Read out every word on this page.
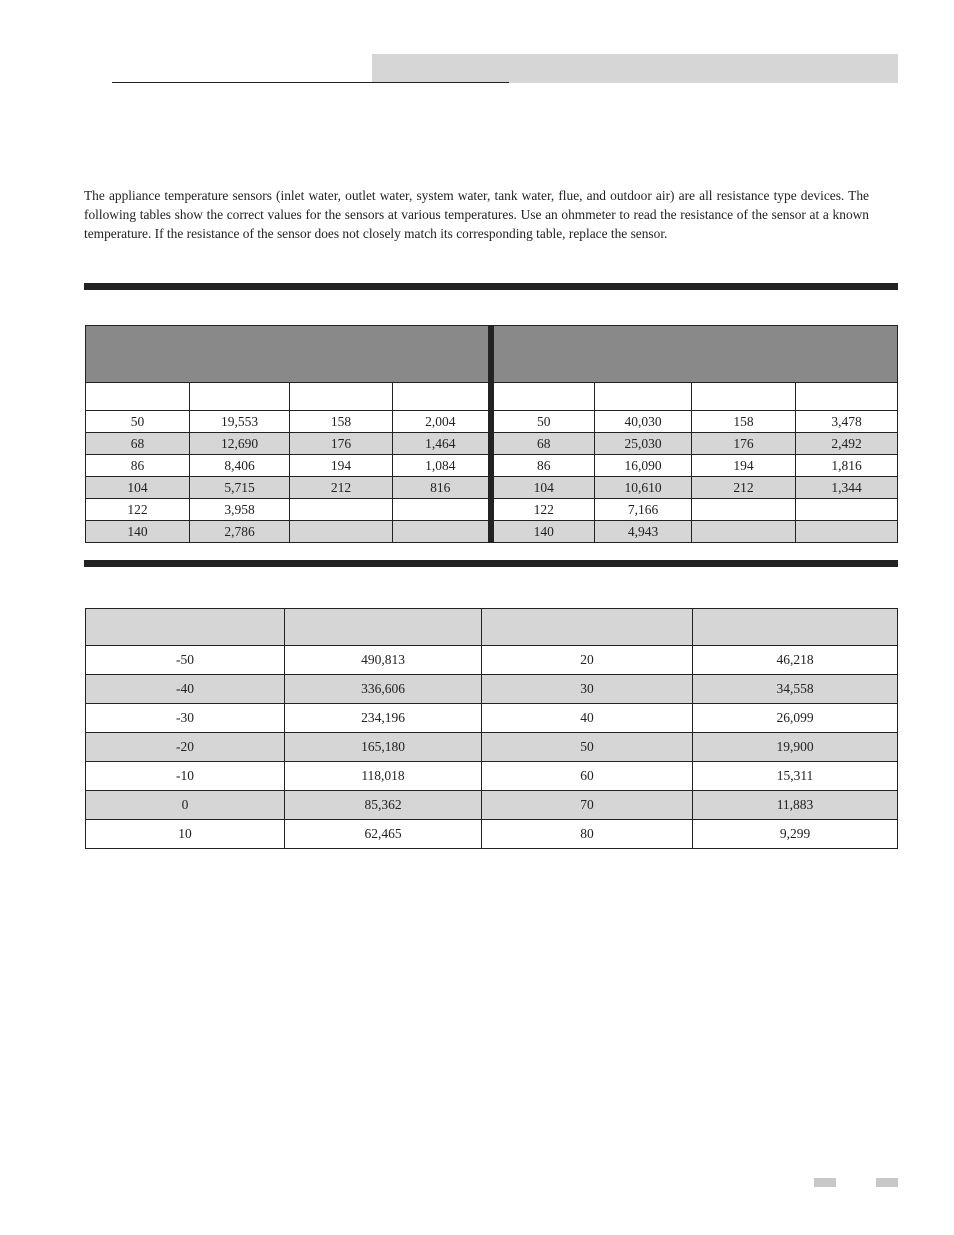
The appliance temperature sensors (inlet water, outlet water, system water, tank water, flue, and outdoor air) are all resistance type devices. The following tables show the correct values for the sensors at various temperatures. Use an ohmmeter to read the resistance of the sensor at a known temperature. If the resistance of the sensor does not closely match its corresponding table, replace the sensor.

50	19,553	158	2,004	50	40,030	158	3,478
68	12,690	176	1,464	68	25,030	176	2,492
86	8,406	194	1,084	86	16,090	194	1,816
104	5,715	212	816	104	10,610	212	1,344
122	3,958			122	7,166		
140	2,786			140	4,943		

-50	490,813	20	46,218
-40	336,606	30	34,558
-30	234,196	40	26,099
-20	165,180	50	19,900
-10	118,018	60	15,311
0	85,362	70	11,883
10	62,465	80	9,299
